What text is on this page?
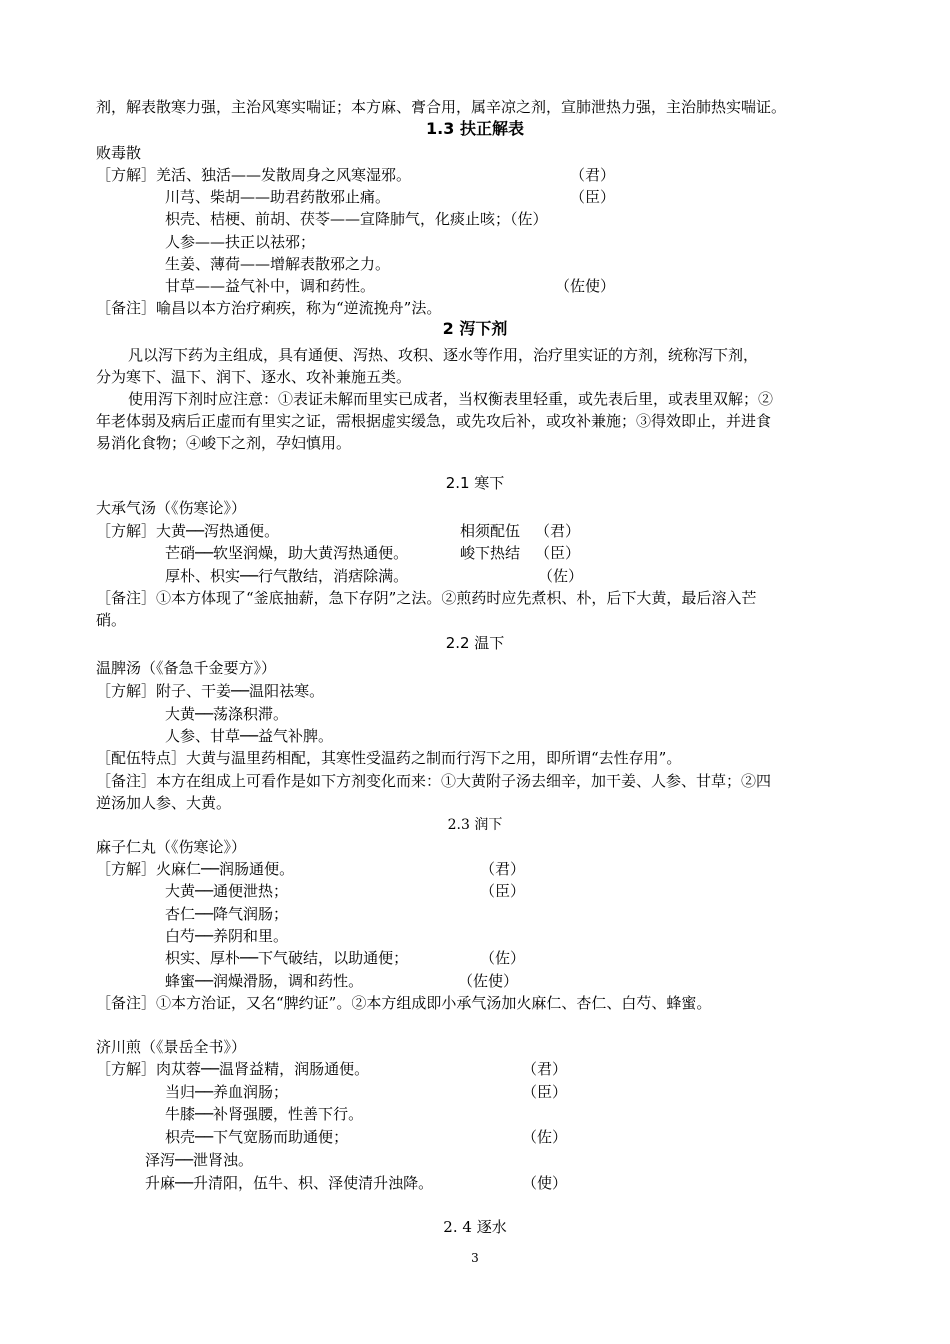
剂，解表散寒力强，主治风寒实喘证；本方麻、膏合用，属辛凉之剂，宣肺泄热力强，主治肺热实喘证。
1.3 扶正解表
败毒散
［方解］羌活、独活——发散周身之风寒湿邪。	（君）
川芎、柴胡——助君药散邪止痛。	（臣）
枳壳、桔梗、前胡、茯苓——宣降肺气，化痰止咳；（佐）
人参——扶正以祛邪；
生姜、薄荷——增解表散邪之力。
甘草——益气补中，调和药性。	（佐使）
［备注］喻昌以本方治疗痢疾，称为“逆流挽舟”法。
2 泻下剂
凡以泻下药为主组成，具有通便、泻热、攻积、逐水等作用，治疗里实证的方剂，统称泻下剂，
分为寒下、温下、润下、逐水、攻补兼施五类。
使用泻下剂时应注意：①表证未解而里实已成者，当权衡表里轻重，或先表后里，或表里双解；②
年老体弱及病后正虚而有里实之证，需根据虚实缓急，或先攻后补，或攻补兼施；③得效即止，并进食
易消化食物；④峻下之剂，孕妇慎用。
2.1 寒下
大承气汤（《伤寒论》）
［方解］大黄──泻热通便。	相须配伍 （君）
芒硝──软坚润燥，助大黄泻热通便。	峻下热结 （臣）
厚朴、枳实──行气散结，消痞除满。	（佐）
［备注］①本方体现了“釜底抽薪，急下存阴”之法。②煎药时应先煮枳、朴，后下大黄，最后溶入芒
硝。
2.2 温下
温脾汤（《备急千金要方》）
［方解］附子、干姜──温阳祛寒。
大黄──荡涤积滞。
人参、甘草──益气补脾。
［配伍特点］大黄与温里药相配，其寒性受温药之制而行泻下之用，即所谓“去性存用”。
［备注］本方在组成上可看作是如下方剂变化而来：①大黄附子汤去细辛，加干姜、人参、甘草；②四
逆汤加人参、大黄。
2.3 润下
麻子仁丸（《伤寒论》）
［方解］火麻仁──润肠通便。	（君）
大黄──通便泄热；	（臣）
杏仁──降气润肠；
白芍──养阴和里。
枳实、厚朴──下气破结，以助通便；	（佐）
蜂蜜──润燥滑肠，调和药性。	（佐使）
［备注］①本方治证，又名“脾约证”。②本方组成即小承气汤加火麻仁、杏仁、白芍、蜂蜜。
济川煎（《景岳全书》）
［方解］肉苁蓉──温肾益精，润肠通便。	（君）
当归──养血润肠；	（臣）
牛膝──补肾强腰，性善下行。
枳壳──下气宽肠而助通便；	（佐）
泽泻──泄肾浊。
升麻──升清阳，伍牛、枳、泽使清升浊降。	（使）
2. 4 逐水
3
